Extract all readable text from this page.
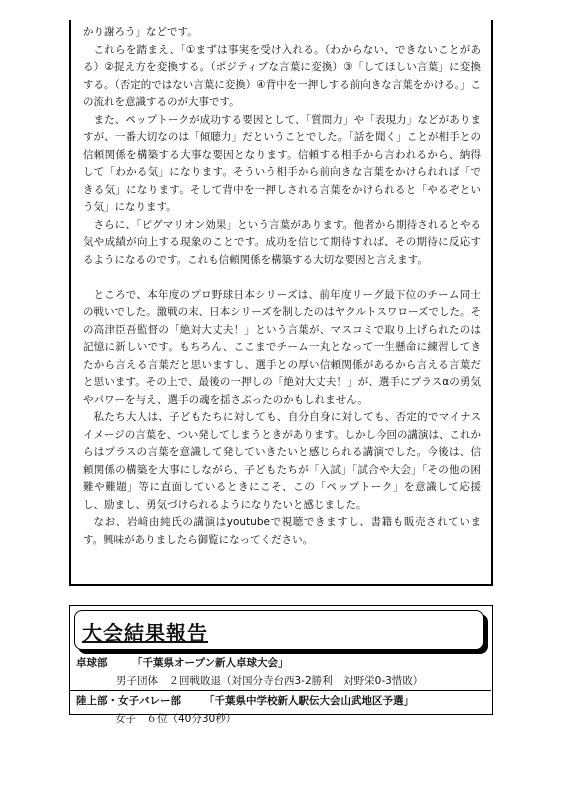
かり謝ろう」などです。

これらを踏まえ、「①まずは事実を受け入れる。（わからない、できないことがある）②捉え方を変換する。（ポジティブな言葉に変換）③「してほしい言葉」に変換する。（否定的ではない言葉に変換）④背中を一押しする前向きな言葉をかける。」この流れを意識するのが大事です。

また、ペップトークが成功する要因として、「質問力」や「表現力」などがありますが、一番大切なのは「傾聴力」だということでした。「話を聞く」ことが相手との信頼関係を構築する大事な要因となります。信頼する相手から言われるから、納得して「わかる気」になります。そういう相手から前向きな言葉をかけられれば「できる気」になります。そして背中を一押しされる言葉をかけられると「やるぞという気」になります。

さらに、「ピグマリオン効果」という言葉があります。他者から期待されるとやる気や成績が向上する現象のことです。成功を信じて期待すれば、その期待に反応するようになるのです。これも信頼関係を構築する大切な要因と言えます。

ところで、本年度のプロ野球日本シリーズは、前年度リーグ最下位のチーム同士の戦いでした。激戦の末、日本シリーズを制したのはヤクルトスワローズでした。その高津臣吾監督の「絶対大丈夫！」という言葉が、マスコミで取り上げられたのは記憶に新しいです。もちろん、ここまでチーム一丸となって一生懸命に練習してきたから言える言葉だと思いますし、選手との厚い信頼関係があるから言える言葉だと思います。その上で、最後の一押しの「絶対大丈夫！」が、選手にプラスαの勇気やパワーを与え、選手の魂を揺さぶったのかもしれません。

私たち大人は、子どもたちに対しても、自分自身に対しても、否定的でマイナスイメージの言葉を、つい発してしまうときがあります。しかし今回の講演は、これからはプラスの言葉を意識して発していきたいと感じられる講演でした。今後は、信頼関係の構築を大事にしながら、子どもたちが「入試」「試合や大会」「その他の困難や難題」等に直面しているときにこそ、この「ペップトーク」を意識して応援し、励まし、勇気づけられるようになりたいと感じました。

なお、岩﨑由純氏の講演はyoutubeで視聴できますし、書籍も販売されています。興味がありましたら御覧になってください。

大会結果報告
卓球部 「千葉県オープン新人卓球大会」
男子団体　２回戦敗退（対国分寺台西3-2勝利　対野栄0-3惜敗）
陸上部・女子バレー部 「千葉県中学校新人駅伝大会山武地区予選」
女子　６位（40分30秒）
